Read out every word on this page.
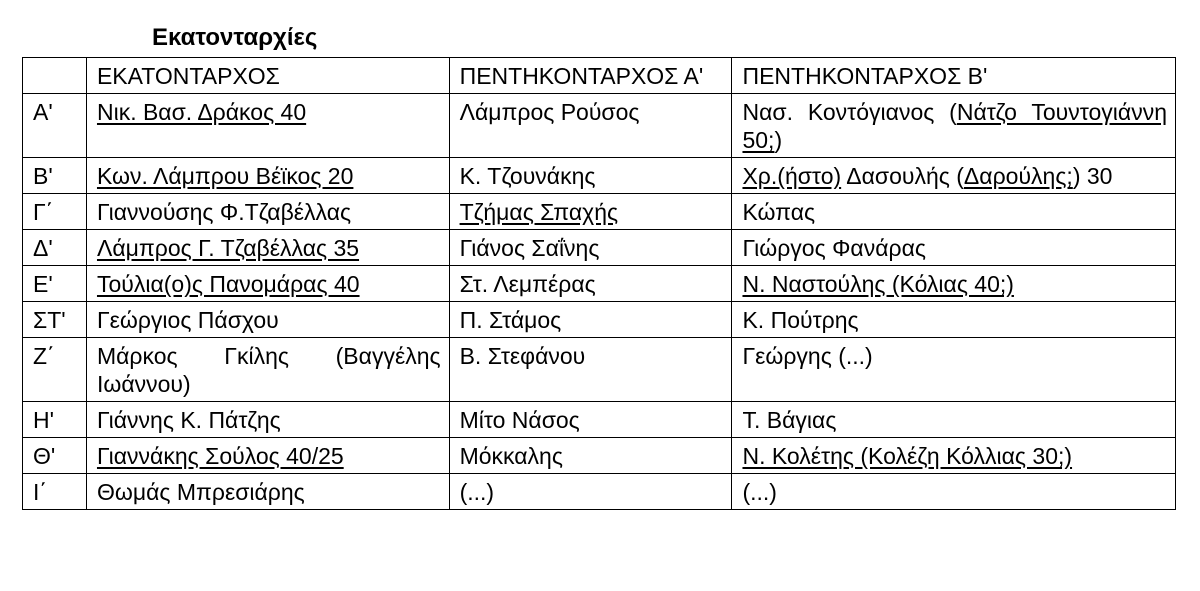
Εκατονταρχίες
	ΕΚΑΤΟΝΤΑΡΧΟΣ	ΠΕΝΤΗΚΟΝΤΑΡΧΟΣ Α'	ΠΕΝΤΗΚΟΝΤΑΡΧΟΣ Β'
Α'	Νικ. Βασ. Δράκος 40	Λάμπρος Ρούσος	Νασ. Κοντόγιανος (Νάτζο Τουντογιάννη 50;)
Β'	Κων. Λάμπρου Βέϊκος 20	Κ. Τζουνάκης	Χρ.(ήστο) Δασουλής (Δαρούλης;) 30
Γ΄	Γιαννούσης Φ.Τζαβέλλας	Τζήμας Σπαχής	Κώπας
Δ'	Λάμπρος Γ. Τζαβέλλας 35	Γιάνος Σαΐνης	Γιώργος Φανάρας
Ε'	Τούλια(ο)ς Πανομάρας 40	Στ. Λεμπέρας	Ν. Ναστούλης (Κόλιας 40;)
ΣΤ'	Γεώργιος Πάσχου	Π. Στάμος	Κ. Πούτρης
Ζ΄	Μάρκος Γκίλης (Βαγγέλης Ιωάννου)	Β. Στεφάνου	Γεώργης (...)
Η'	Γιάννης Κ. Πάτζης	Μίτο Νάσος	Τ. Βάγιας
Θ'	Γιαννάκης Σούλος 40/25	Μόκκαλης	Ν. Κολέτης (Κολέζη Κόλλιας 30;)
Ι΄	Θωμάς Μπρεσιάρης	(...)	(...)
